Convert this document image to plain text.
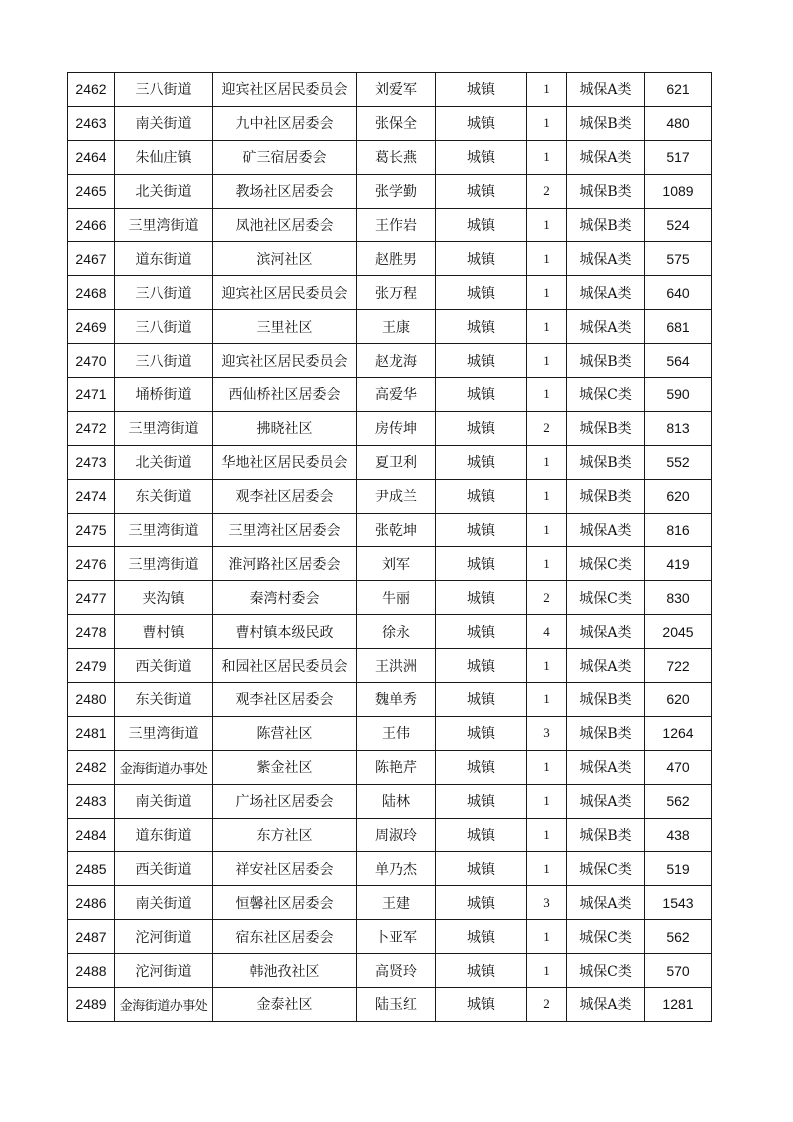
2462	三八街道	迎宾社区居民委员会	刘爱军	城镇	1	城保A类	621
2463	南关街道	九中社区居委会	张保全	城镇	1	城保B类	480
2464	朱仙庄镇	矿三宿居委会	葛长燕	城镇	1	城保A类	517
2465	北关街道	教场社区居委会	张学勤	城镇	2	城保B类	1089
2466	三里湾街道	凤池社区居委会	王作岩	城镇	1	城保B类	524
2467	道东街道	滨河社区	赵胜男	城镇	1	城保A类	575
2468	三八街道	迎宾社区居民委员会	张万程	城镇	1	城保A类	640
2469	三八街道	三里社区	王康	城镇	1	城保A类	681
2470	三八街道	迎宾社区居民委员会	赵龙海	城镇	1	城保B类	564
2471	埇桥街道	西仙桥社区居委会	高爱华	城镇	1	城保C类	590
2472	三里湾街道	拂晓社区	房传坤	城镇	2	城保B类	813
2473	北关街道	华地社区居民委员会	夏卫利	城镇	1	城保B类	552
2474	东关街道	观李社区居委会	尹成兰	城镇	1	城保B类	620
2475	三里湾街道	三里湾社区居委会	张乾坤	城镇	1	城保A类	816
2476	三里湾街道	淮河路社区居委会	刘军	城镇	1	城保C类	419
2477	夹沟镇	秦湾村委会	牛丽	城镇	2	城保C类	830
2478	曹村镇	曹村镇本级民政	徐永	城镇	4	城保A类	2045
2479	西关街道	和园社区居民委员会	王洪洲	城镇	1	城保A类	722
2480	东关街道	观李社区居委会	魏单秀	城镇	1	城保B类	620
2481	三里湾街道	陈营社区	王伟	城镇	3	城保B类	1264
2482	金海街道办事处	紫金社区	陈艳芹	城镇	1	城保A类	470
2483	南关街道	广场社区居委会	陆林	城镇	1	城保A类	562
2484	道东街道	东方社区	周淑玲	城镇	1	城保B类	438
2485	西关街道	祥安社区居委会	单乃杰	城镇	1	城保C类	519
2486	南关街道	恒馨社区居委会	王建	城镇	3	城保A类	1543
2487	沱河街道	宿东社区居委会	卜亚军	城镇	1	城保C类	562
2488	沱河街道	韩池孜社区	高贤玲	城镇	1	城保C类	570
2489	金海街道办事处	金泰社区	陆玉红	城镇	2	城保A类	1281
